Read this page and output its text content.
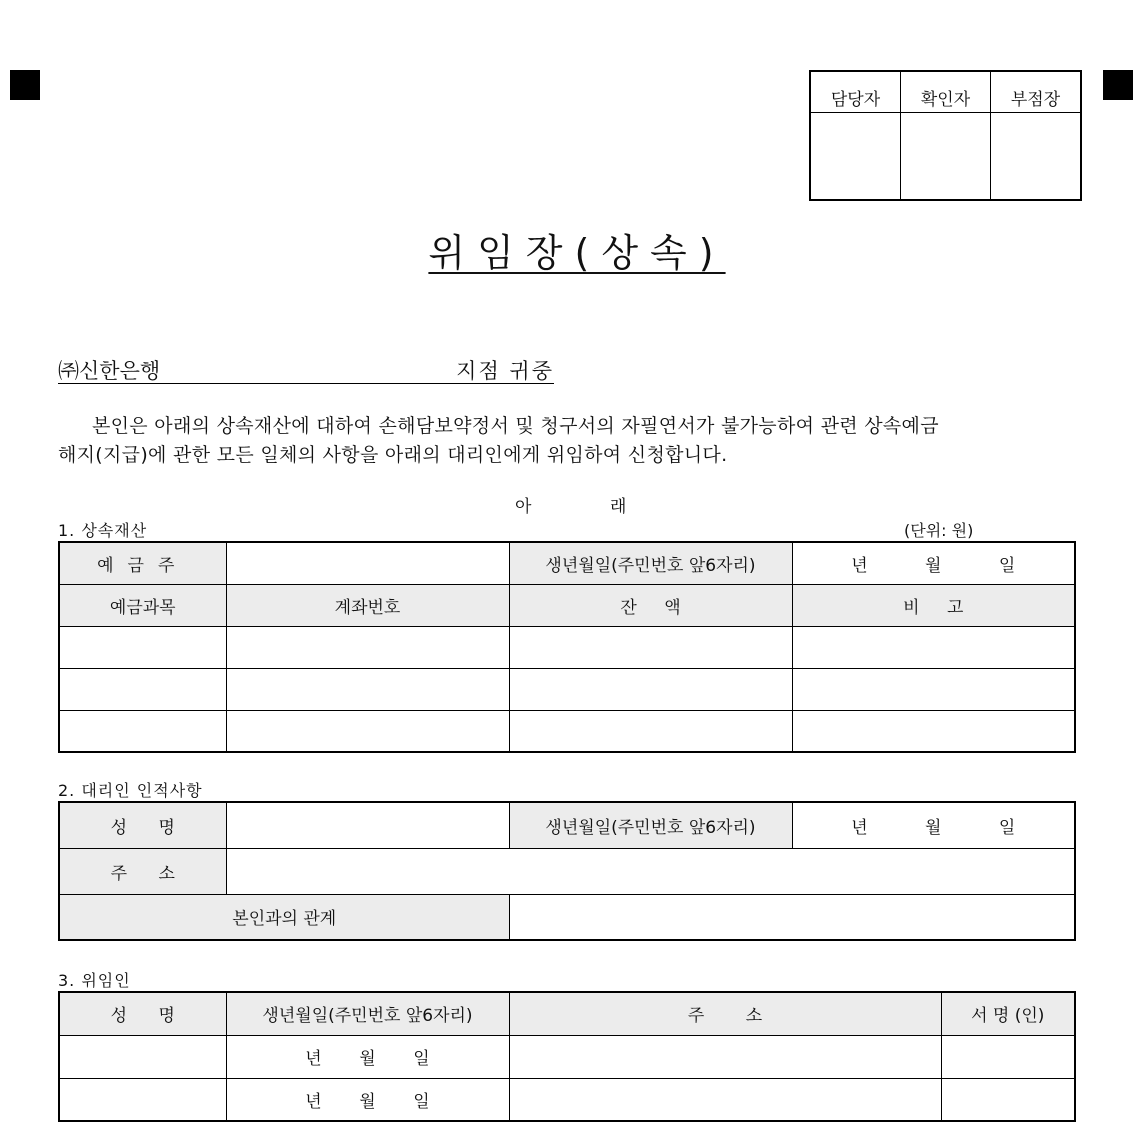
담당자	확인자	부점장

위임장(상속)
㈜신한은행	지점 귀중
본인은 아래의 상속재산에 대하여 손해담보약정서 및 청구서의 자필연서가 불가능하여 관련 상속예금
해지(지급)에 관한 모든 일체의 사항을 아래의 대리인에게 위임하여 신청합니다.
아	래
1. 상속재산	(단위: 원)
예금주		생년월일(주민번호 앞6자리)	년 월 일

예금과목	계좌번호	잔 액	비 고

2. 대리인 인적사항
성 명		생년월일(주민번호 앞6자리)	년 월 일

주 소			
본인과의 관계			
3. 위임인
성 명	생년월일(주민번호 앞6자리)	주 소	서 명 (인)

	년 월 일		

	년 월 일		
